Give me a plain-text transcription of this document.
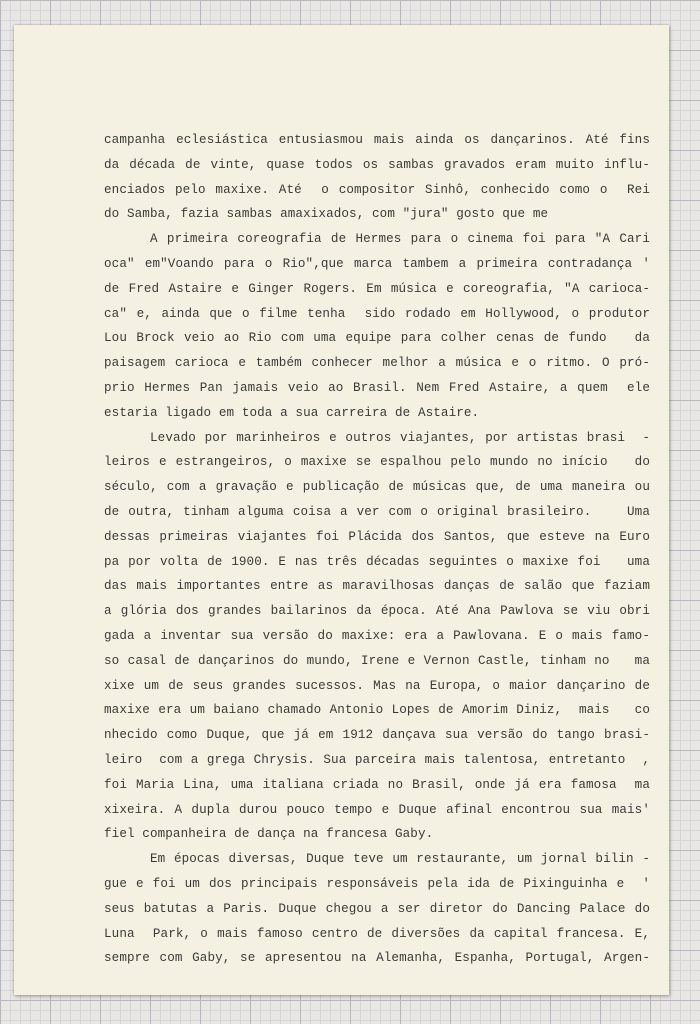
campanha eclesiástica entusiasmou mais ainda os dançarinos. Até fins
da década de vinte, quase todos os sambas gravados eram muito influ-
enciados pelo maxixe. Até  o compositor Sinhô, conhecido como o  Rei
do Samba, fazia sambas amaxixados, com "jura" gosto que me
A primeira coreografia de Hermes para o cinema foi para "A Cari
oca" em"Voando para o Rio",que marca tambem a primeira contradança '
de Fred Astaire e Ginger Rogers. Em música e coreografia, "A carioca-
ca" e, ainda que o filme tenha  sido rodado em Hollywood, o produtor
Lou Brock veio ao Rio com uma equipe para colher cenas de fundo   da
paisagem carioca e também conhecer melhor a música e o ritmo. O pró-
prio Hermes Pan jamais veio ao Brasil. Nem Fred Astaire, a quem  ele
estaria ligado em toda a sua carreira de Astaire.
Levado por marinheiros e outros viajantes, por artistas brasi  -
leiros e estrangeiros, o maxixe se espalhou pelo mundo no início   do
século, com a gravação e publicação de músicas que, de uma maneira ou
de outra, tinham alguma coisa a ver com o original brasileiro.    Uma
dessas primeiras viajantes foi Plácida dos Santos, que esteve na Euro
pa por volta de 1900. E nas três décadas seguintes o maxixe foi   uma
das mais importantes entre as maravilhosas danças de salão que faziam
a glória dos grandes bailarinos da época. Até Ana Pawlova se viu obri
gada a inventar sua versão do maxixe: era a Pawlovana. E o mais famo-
so casal de dançarinos do mundo, Irene e Vernon Castle, tinham no   ma
xixe um de seus grandes sucessos. Mas na Europa, o maior dançarino de
maxixe era um baiano chamado Antonio Lopes de Amorim Diniz,  mais   co
nhecido como Duque, que já em 1912 dançava sua versão do tango brasi-
leiro  com a grega Chrysis. Sua parceira mais talentosa, entretanto  ,
foi Maria Lina, uma italiana criada no Brasil, onde já era famosa  ma
xixeira. A dupla durou pouco tempo e Duque afinal encontrou sua mais'
fiel companheira de dança na francesa Gaby.
Em épocas diversas, Duque teve um restaurante, um jornal bilin -
gue e foi um dos principais responsáveis pela ida de Pixinguinha e  '
seus batutas a Paris. Duque chegou a ser diretor do Dancing Palace do
Luna  Park, o mais famoso centro de diversões da capital francesa. E,
sempre com Gaby, se apresentou na Alemanha, Espanha, Portugal, Argen-
